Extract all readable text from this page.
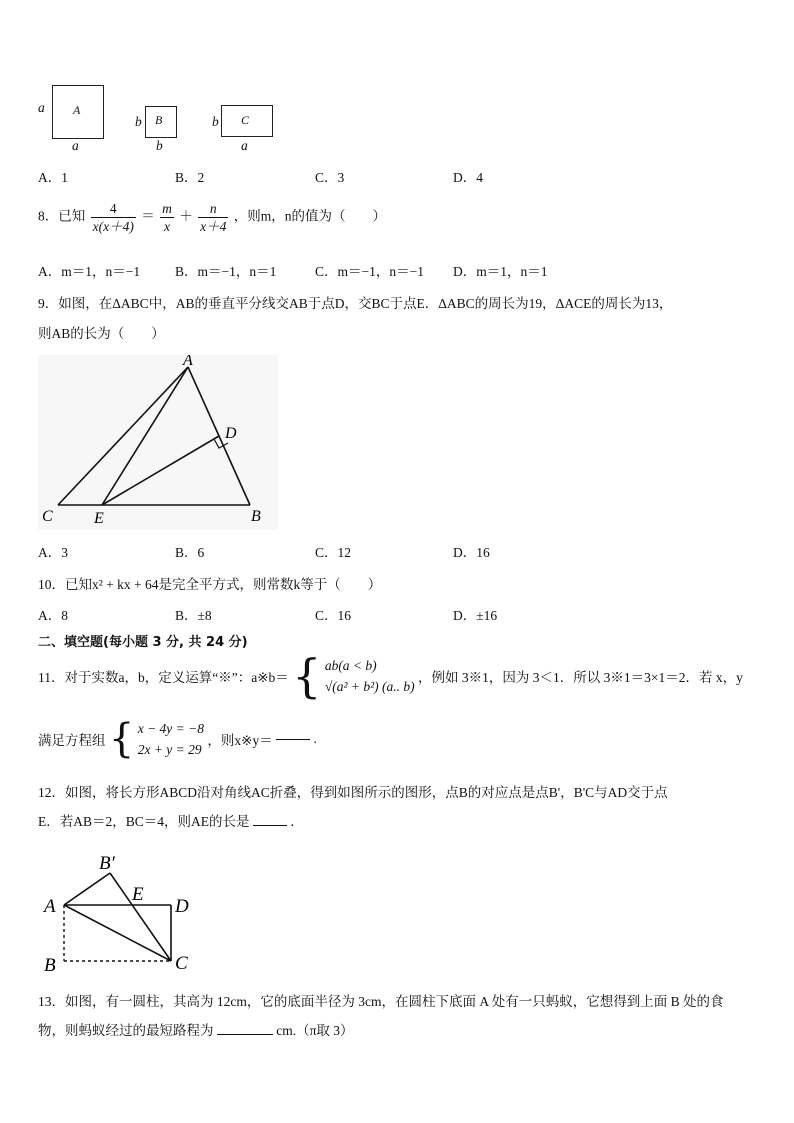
a A
a
b B
b
b C
a
A．1	B．2	C．3	D．4
8．已知 $\frac{4}{x(x+4)} = \frac{m}{x} + \frac{n}{x+4}$ ，则m，n的值为（　　）
A．m＝1，n＝−1	B．m＝−1，n＝1	C．m＝−1，n＝−1 D．m＝1，n＝1
9．如图，在ΔABC中，AB的垂直平分线交AB于点D，交BC于点E．ΔABC的周长为19，ΔACE的周长为13，
则AB的长为（　　）
A
D
C	E	B
A．3	B．6	C．12	D．16
10．已知x² + kx + 64是完全平方式，则常数k等于（　　）
A．8	B．±8	C．16	D．±16
二、填空题(每小题 3 分, 共 24 分)
11．对于实数a，b，定义运算“※”：a※b＝ { ab(a < b)
√(a² + b²) (a.. b)
，例如 3※1，因为 3＜1．所以 3※1＝3×1＝2．若 x，y
满足方程组 { x − 4y = −8
2x + y = 29
，则x※y＝	.
12．如图，将长方形ABCD沿对角线AC折叠，得到如图所示的图形，点B的对应点是点B'，B'C与AD交于点
E．若AB＝2，BC＝4，则AE的长是	．
A
B′
E
D
B	C
13．如图，有一圆柱，其高为 12cm，它的底面半径为 3cm，在圆柱下底面 A 处有一只蚂蚁，它想得到上面 B 处的食
物，则蚂蚁经过的最短路程为	cm.（π取 3）
